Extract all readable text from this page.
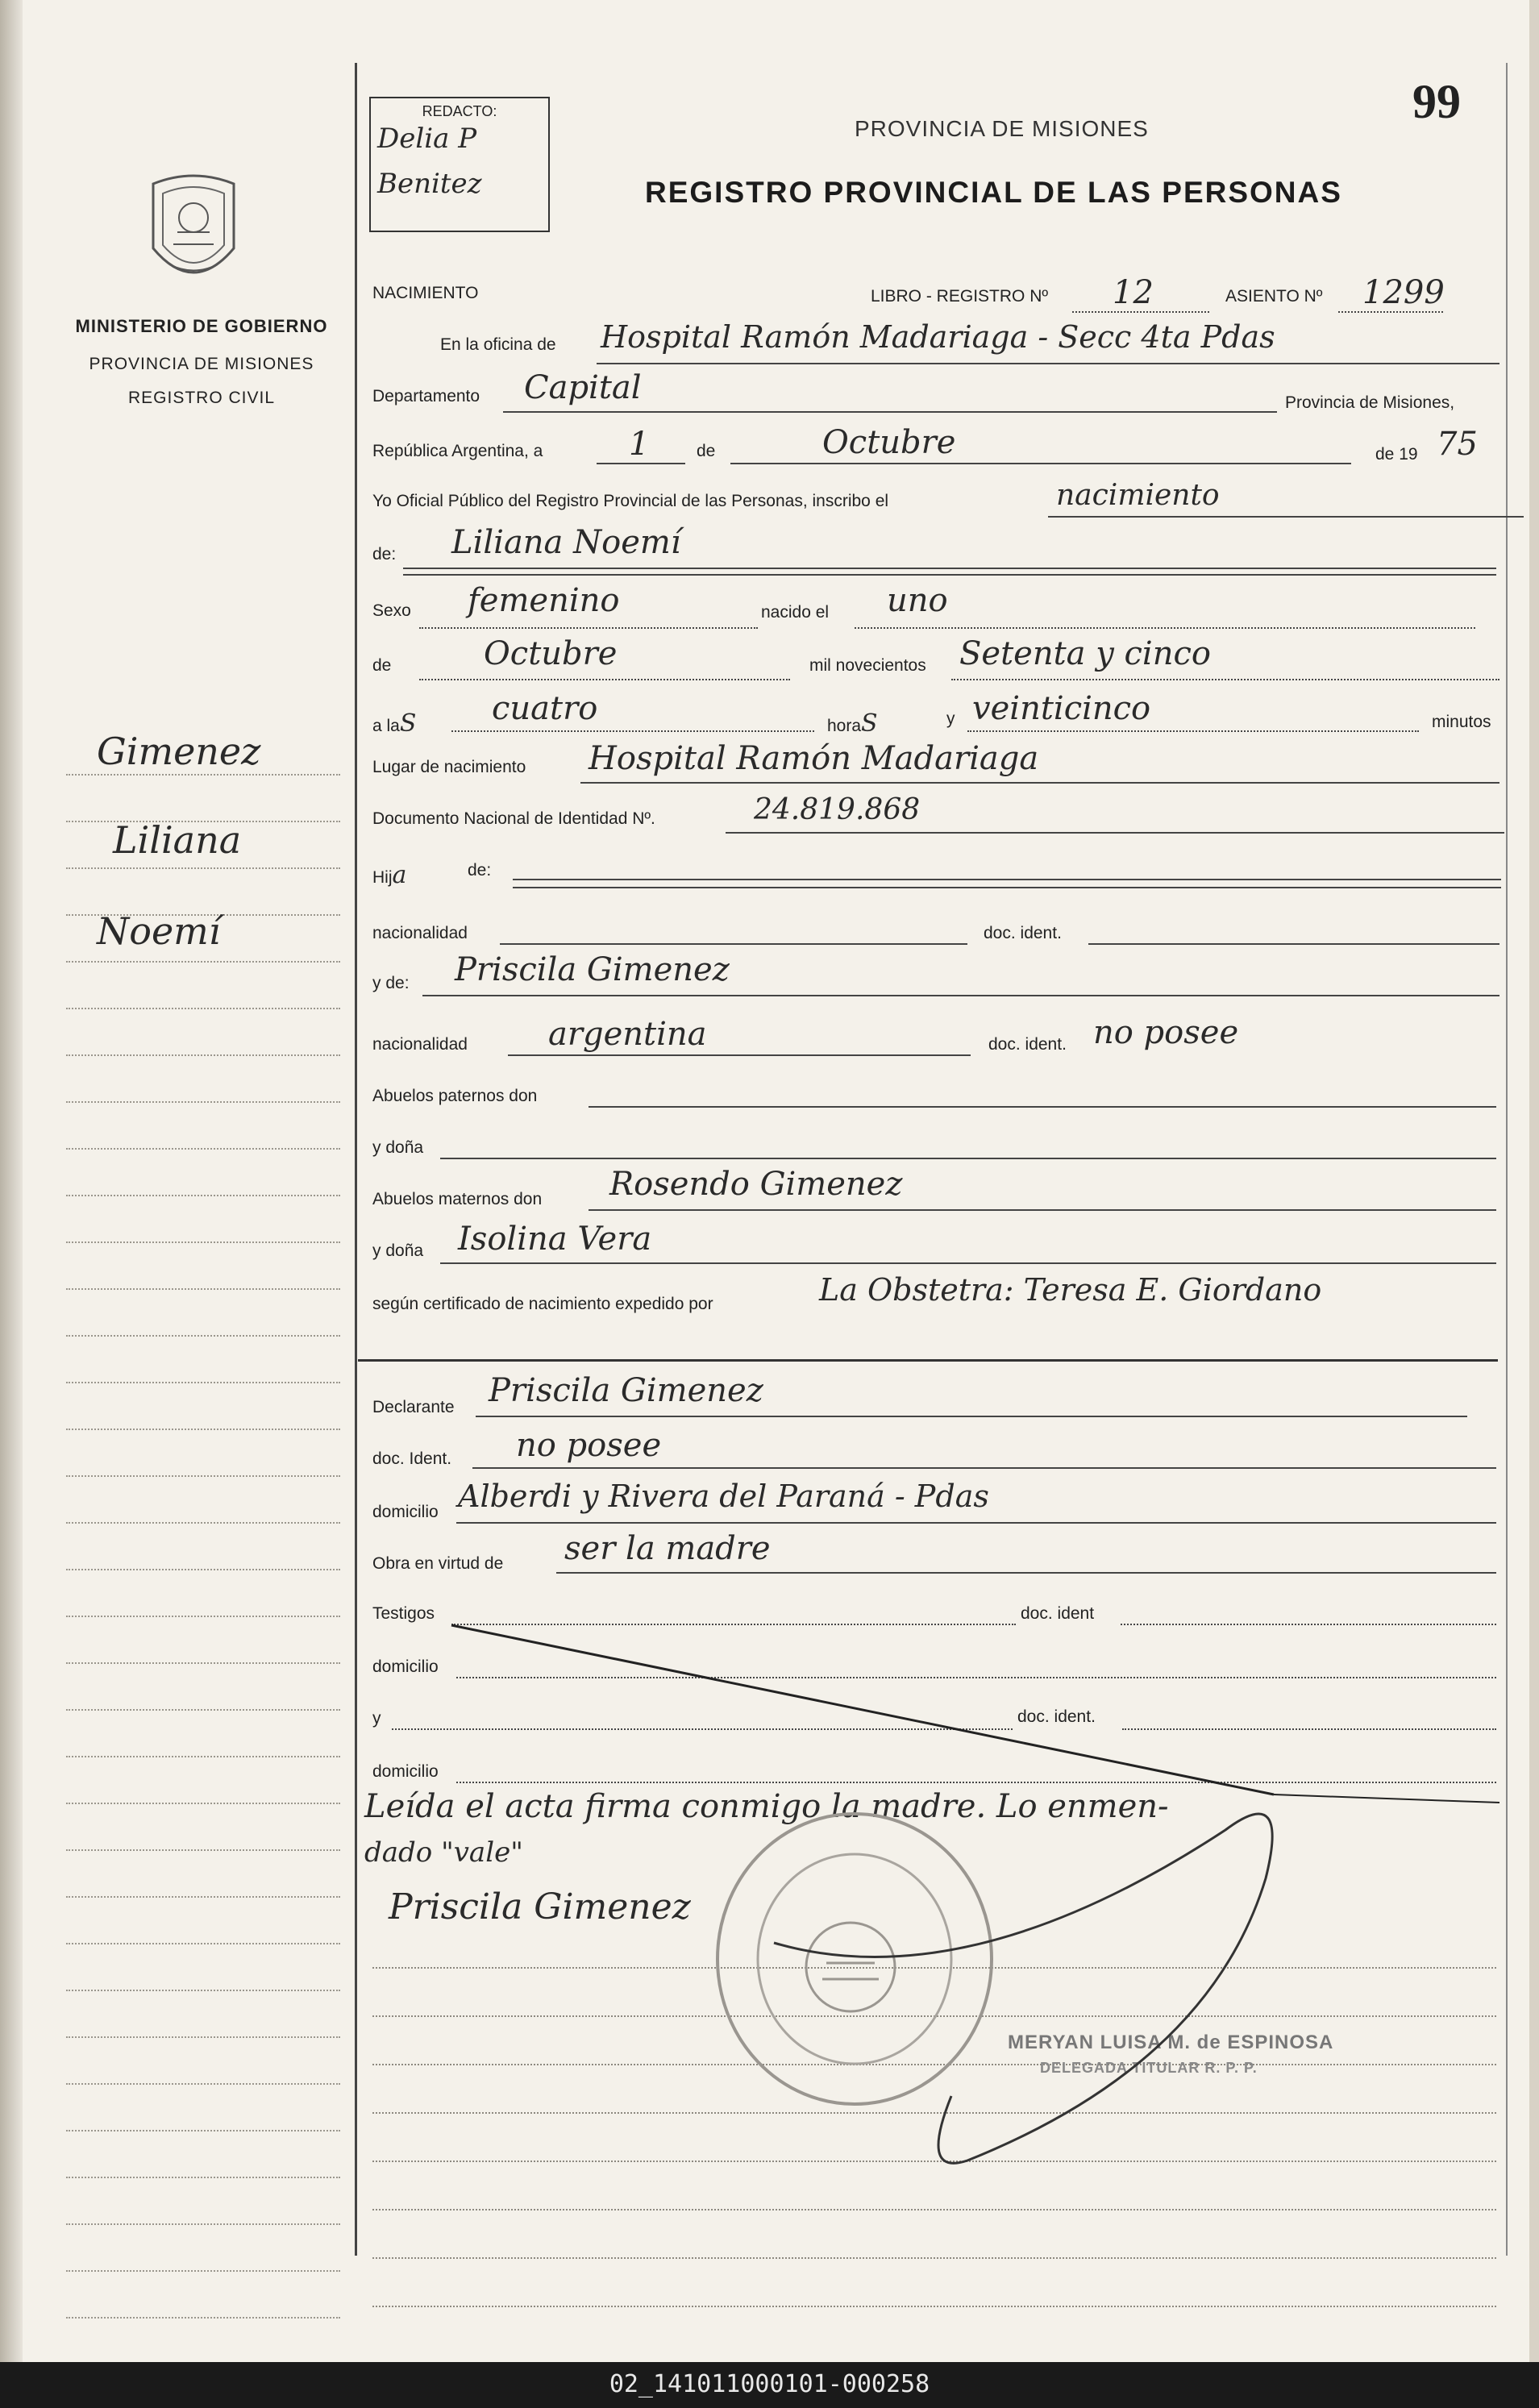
99
REDACTO:
Delia P
Benitez
PROVINCIA DE MISIONES
REGISTRO PROVINCIAL DE LAS PERSONAS
MINISTERIO DE GOBIERNO
PROVINCIA DE MISIONES
REGISTRO CIVIL
Gimenez
Liliana
Noemí
NACIMIENTO	LIBRO - REGISTRO Nº 12	ASIENTO Nº 1299
En la oficina de Hospital Ramón Madariaga - Secc 4ta Pdas
Departamento Capital	Provincia de Misiones,
República Argentina, a	1	de	Octubre	de 19 75
Yo Oficial Público del Registro Provincial de las Personas, inscribo el	nacimiento
de: Liliana Noemí
Sexo femenino	nacido el uno
de	Octubre	mil novecientos Setenta y cinco
a laS cuatro	horaS	y veinticinco	minutos
Lugar de nacimiento Hospital Ramón Madariaga
Documento Nacional de Identidad Nº.	24.819.868
Hija	de:
nacionalidad	doc. ident.
y de: Priscila Gimenez
nacionalidad	argentina	doc. ident. no posee
Abuelos paternos don
y doña
Abuelos maternos don Rosendo Gimenez
y doña Isolina Vera
según certificado de nacimiento expedido por	La Obstetra: Teresa E. Giordano
Declarante Priscila Gimenez
doc. Ident. no posee
domicilio Alberdi y Rivera del Paraná - Pdas
Obra en virtud de ser la madre
Testigos	doc. ident
domicilio
y	doc. ident.
domicilio
Leída el acta firma conmigo la madre. Lo enmen-
dado "vale"
Priscila Gimenez
MERYAN LUISA M. de ESPINOSA
DELEGADA TITULAR R. P. P.
02_141011000101-000258
